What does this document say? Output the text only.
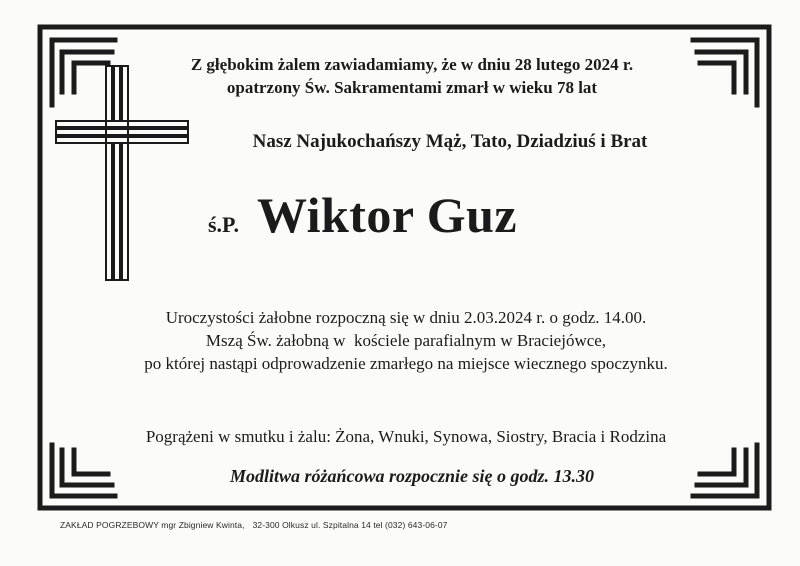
Z głębokim żalem zawiadamiamy, że w dniu 28 lutego 2024 r.
opatrzony Św. Sakramentami zmarł w wieku 78 lat
Nasz Najukochańszy Mąż, Tato, Dziadziuś i Brat
ś.P. Wiktor Guz
Uroczystości żałobne rozpoczną się w dniu 2.03.2024 r. o godz. 14.00.
Mszą Św. żałobną w  kościele parafialnym w Braciejówce,
po której nastąpi odprowadzenie zmarłego na miejsce wiecznego spoczynku.
Pogrążeni w smutku i żalu: Żona, Wnuki, Synowa, Siostry, Bracia i Rodzina
Modlitwa różańcowa rozpocznie się o godz. 13.30
ZAKŁAD POGRZEBOWY mgr Zbigniew Kwinta, 32-300 Olkusz ul. Szpitalna 14 tel (032) 643-06-07
